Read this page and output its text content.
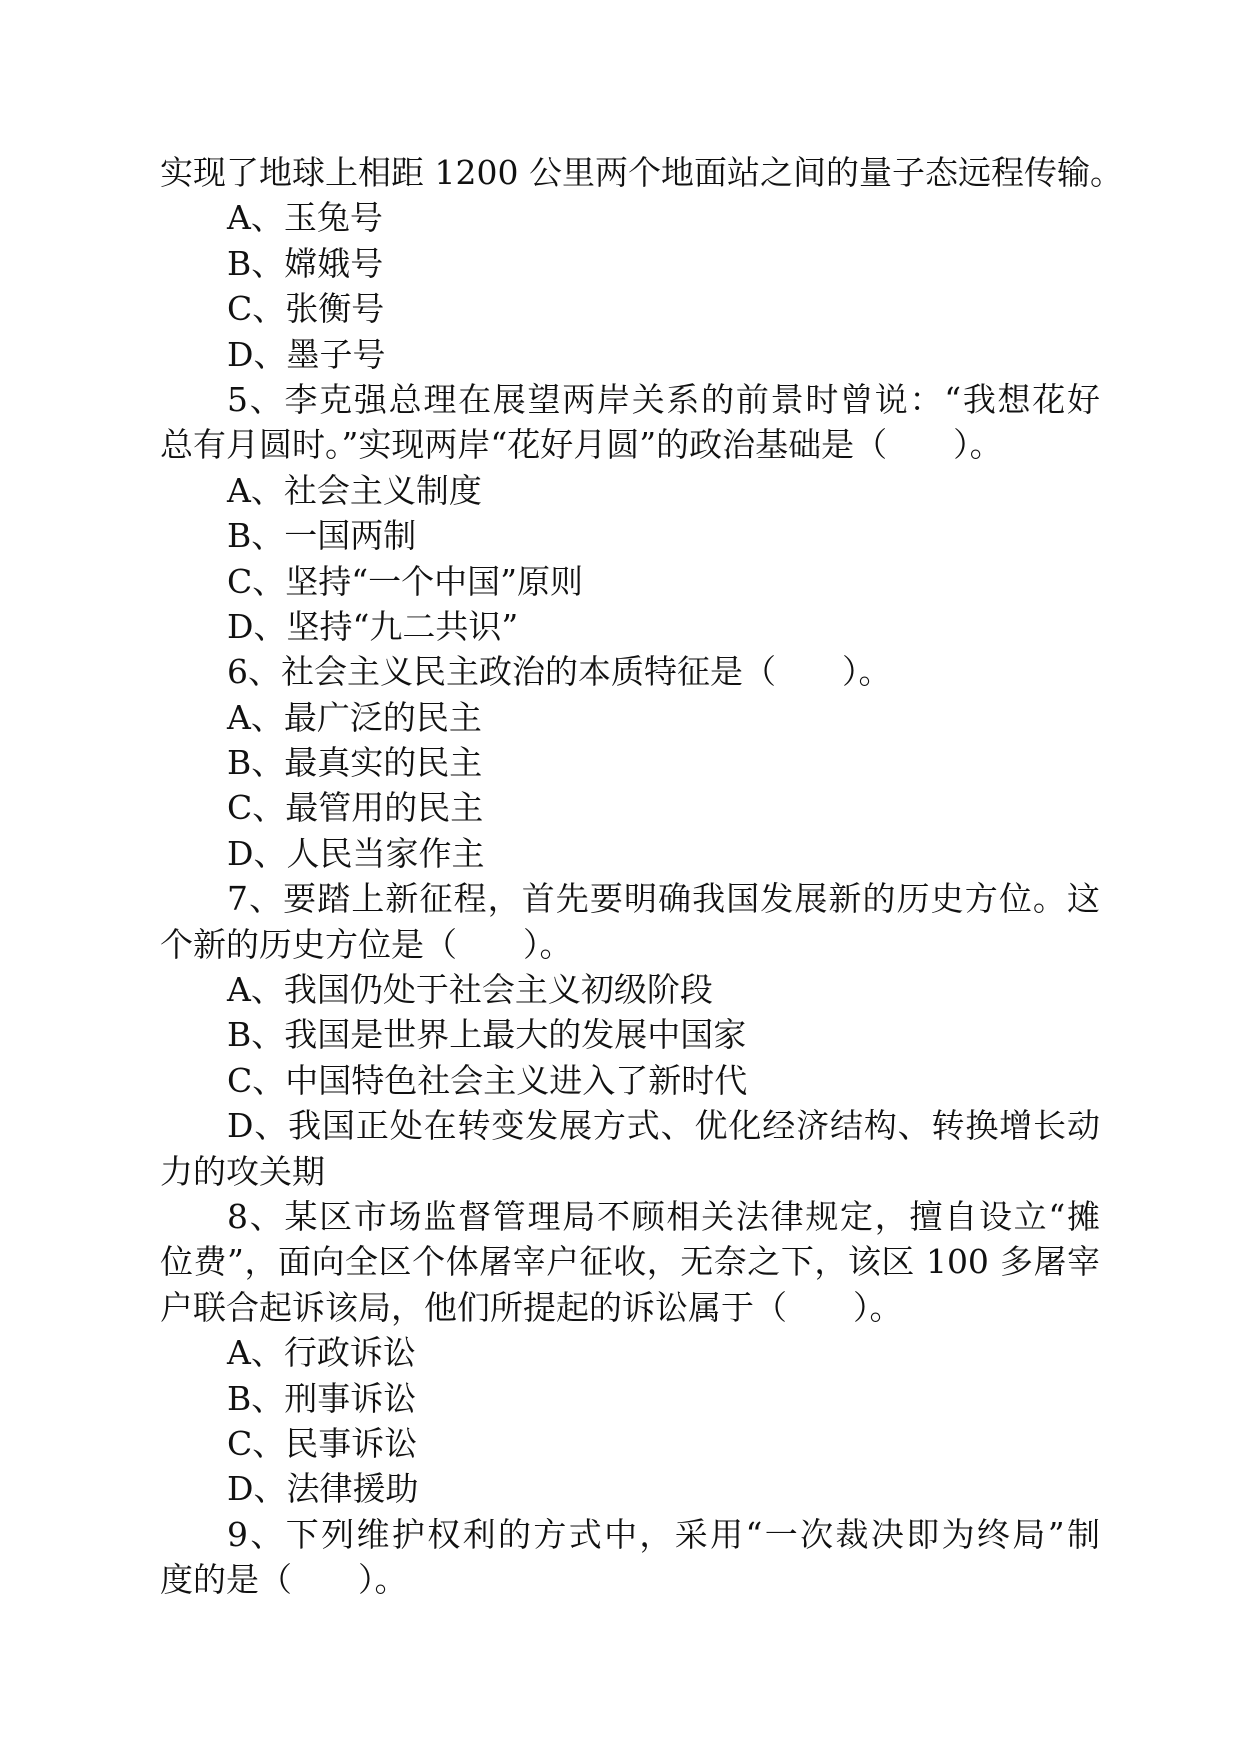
实现了地球上相距 1200 公里两个地面站之间的量子态远程传输。
A、玉兔号
B、嫦娥号
C、张衡号
D、墨子号
5、李克强总理在展望两岸关系的前景时曾说：“我想花好
总有月圆时。”实现两岸“花好月圆”的政治基础是（　　）。
A、社会主义制度
B、一国两制
C、坚持“一个中国”原则
D、坚持“九二共识”
6、社会主义民主政治的本质特征是（　　）。
A、最广泛的民主
B、最真实的民主
C、最管用的民主
D、人民当家作主
7、要踏上新征程，首先要明确我国发展新的历史方位。这
个新的历史方位是（　　）。
A、我国仍处于社会主义初级阶段
B、我国是世界上最大的发展中国家
C、中国特色社会主义进入了新时代
D、我国正处在转变发展方式、优化经济结构、转换增长动
力的攻关期
8、某区市场监督管理局不顾相关法律规定，擅自设立“摊
位费”，面向全区个体屠宰户征收，无奈之下，该区 100 多屠宰
户联合起诉该局，他们所提起的诉讼属于（　　）。
A、行政诉讼
B、刑事诉讼
C、民事诉讼
D、法律援助
9、下列维护权利的方式中，采用“一次裁决即为终局”制
度的是（　　）。
